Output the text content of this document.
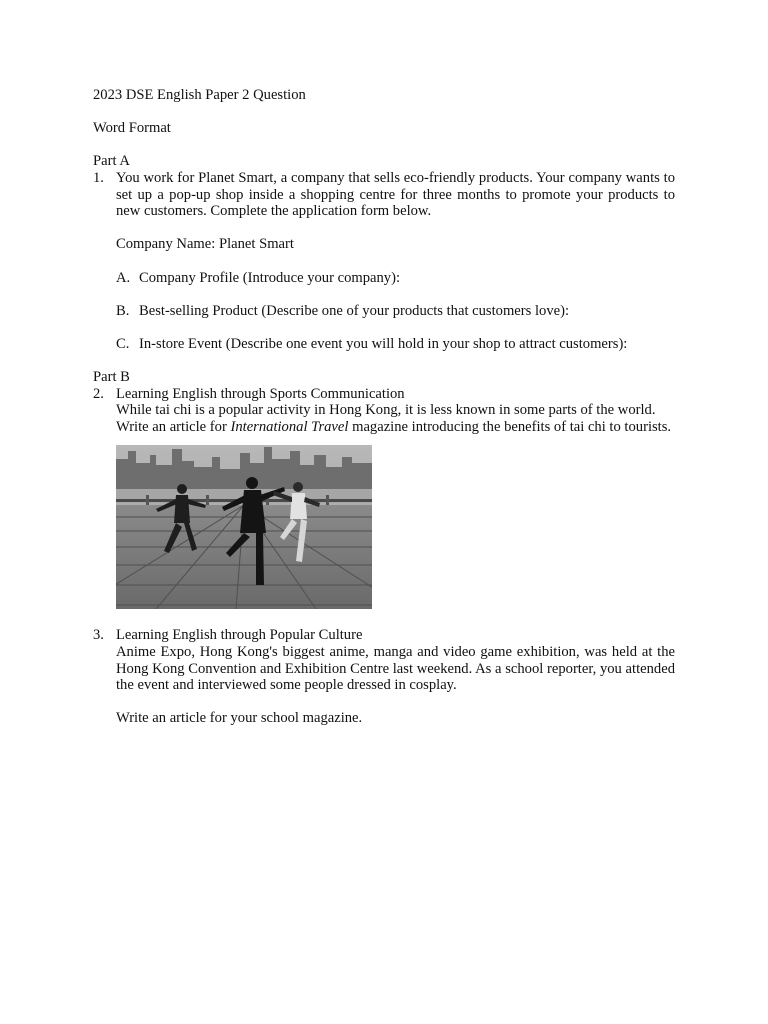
2023 DSE English Paper 2 Question

Word Format

Part A

1. You work for Planet Smart, a company that sells eco-friendly products. Your company wants to set up a pop-up shop inside a shopping centre for three months to promote your products to new customers. Complete the application form below.

Company Name: Planet Smart

A. Company Profile (Introduce your company):

B. Best-selling Product (Describe one of your products that customers love):

C. In-store Event (Describe one event you will hold in your shop to attract customers):

Part B

2. Learning English through Sports Communication

While tai chi is a popular activity in Hong Kong, it is less known in some parts of the world.

Write an article for International Travel magazine introducing the benefits of tai chi to tourists.

3. Learning English through Popular Culture

Anime Expo, Hong Kong's biggest anime, manga and video game exhibition, was held at the Hong Kong Convention and Exhibition Centre last weekend. As a school reporter, you attended the event and interviewed some people dressed in cosplay.

Write an article for your school magazine.
